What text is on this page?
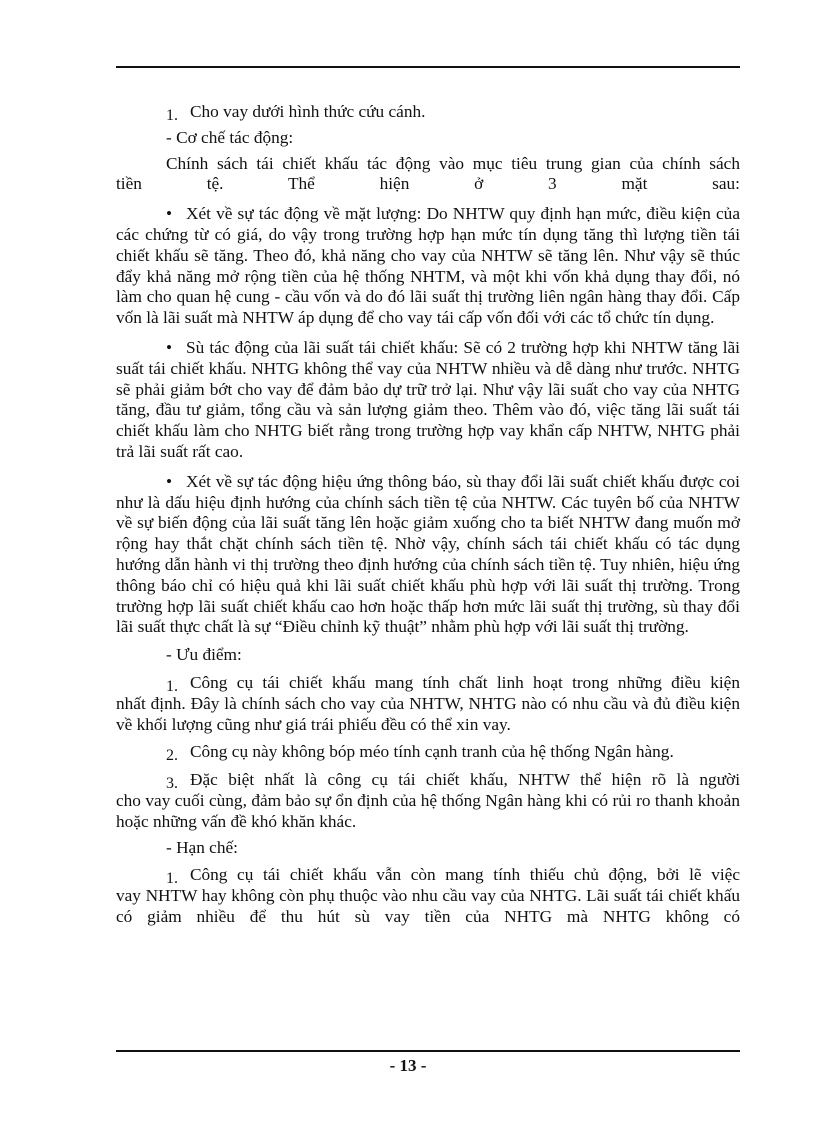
1. Cho vay dưới hình thức cứu cánh.
- Cơ chế tác động:
Chính sách tái chiết khấu tác động vào mục tiêu trung gian của chính sách
tiền tệ. Thể hiện ở 3 mặt sau:
• Xét về sự tác động về mặt lượng: Do NHTW quy định hạn mức, điều kiện của các chứng từ có giá, do vậy trong trường hợp hạn mức tín dụng tăng thì lượng tiền tái chiết khấu sẽ tăng. Theo đó, khả năng cho vay của NHTW sẽ tăng lên. Như vậy sẽ thúc đẩy khả năng mở rộng tiền của hệ thống NHTM, và một khi vốn khả dụng thay đổi, nó làm cho quan hệ cung - cầu vốn và do đó lãi suất thị trường liên ngân hàng thay đổi. Cấp vốn là lãi suất mà NHTW áp dụng để cho vay tái cấp vốn đối với các tổ chức tín dụng.
• Sù tác động của lãi suất tái chiết khấu: Sẽ có 2 trường hợp khi NHTW tăng lãi suất tái chiết khấu. NHTG không thể vay của NHTW nhiều và dễ dàng như trước. NHTG sẽ phải giảm bớt cho vay để đảm bảo dự trữ trở lại. Như vậy lãi suất cho vay của NHTG tăng, đầu tư giảm, tổng cầu và sản lượng giảm theo. Thêm vào đó, việc tăng lãi suất tái chiết khấu làm cho NHTG biết rằng trong trường hợp vay khẩn cấp NHTW, NHTG phải trả lãi suất rất cao.
• Xét về sự tác động hiệu ứng thông báo, sù thay đổi lãi suất chiết khấu được coi như là dấu hiệu định hướng của chính sách tiền tệ của NHTW. Các tuyên bố của NHTW về sự biến động của lãi suất tăng lên hoặc giảm xuống cho ta biết NHTW đang muốn mở rộng hay thắt chặt chính sách tiền tệ. Nhờ vậy, chính sách tái chiết khấu có tác dụng hướng dẫn hành vi thị trường theo định hướng của chính sách tiền tệ. Tuy nhiên, hiệu ứng thông báo chỉ có hiệu quả khi lãi suất chiết khấu phù hợp với lãi suất thị trường. Trong trường hợp lãi suất chiết khấu cao hơn hoặc thấp hơn mức lãi suất thị trường, sù thay đổi lãi suất thực chất là sự “Điều chỉnh kỹ thuật” nhằm phù hợp với lãi suất thị trường.
- Ưu điểm:
1. Công cụ tái chiết khấu mang tính chất linh hoạt trong những điều kiện
nhất định. Đây là chính sách cho vay của NHTW, NHTG nào có nhu cầu và đủ điều kiện về khối lượng cũng như giá trái phiếu đều có thể xin vay.
2. Công cụ này không bóp méo tính cạnh tranh của hệ thống Ngân hàng.
3. Đặc biệt nhất là công cụ tái chiết khấu, NHTW thể hiện rõ là người
cho vay cuối cùng, đảm bảo sự ổn định của hệ thống Ngân hàng khi có rủi ro thanh khoản hoặc những vấn đề khó khăn khác.
- Hạn chế:
1. Công cụ tái chiết khấu vẫn còn mang tính thiếu chủ động, bởi lẽ việc
vay NHTW hay không còn phụ thuộc vào nhu cầu vay của NHTG. Lãi suất tái chiết khấu có giảm nhiều để thu hút sù vay tiền của NHTG mà NHTG không có
- 13 -
